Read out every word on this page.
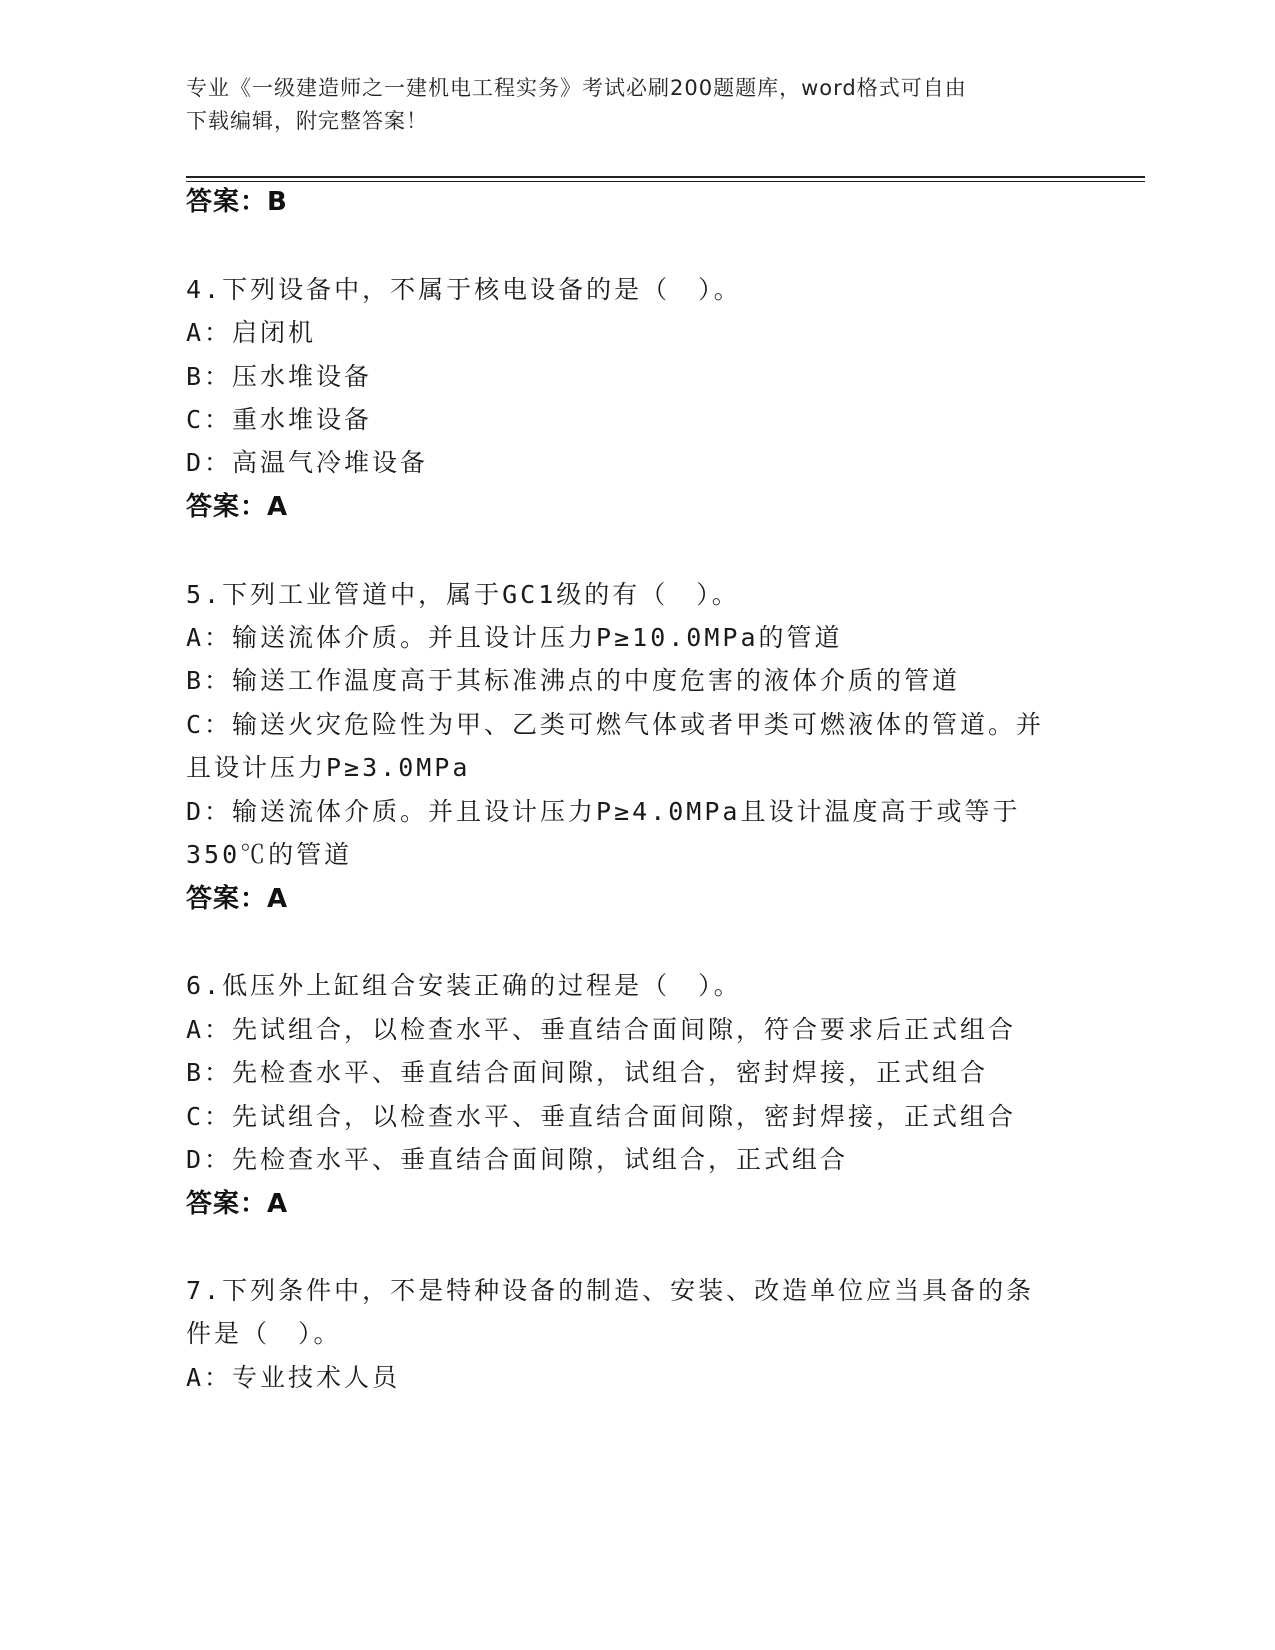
专业《一级建造师之一建机电工程实务》考试必刷200题题库，word格式可自由
下载编辑，附完整答案！
答案：B
4.下列设备中，不属于核电设备的是（　）。
A：启闭机
B：压水堆设备
C：重水堆设备
D：高温气冷堆设备
答案：A
5.下列工业管道中，属于GC1级的有（　）。
A：输送流体介质。并且设计压力P≥10.0MPa的管道
B：输送工作温度高于其标准沸点的中度危害的液体介质的管道
C：输送火灾危险性为甲、乙类可燃气体或者甲类可燃液体的管道。并
且设计压力P≥3.0MPa
D：输送流体介质。并且设计压力P≥4.0MPa且设计温度高于或等于
350℃的管道
答案：A
6.低压外上缸组合安装正确的过程是（　）。
A：先试组合，以检查水平、垂直结合面间隙，符合要求后正式组合
B：先检查水平、垂直结合面间隙，试组合，密封焊接，正式组合
C：先试组合，以检查水平、垂直结合面间隙，密封焊接，正式组合
D：先检查水平、垂直结合面间隙，试组合，正式组合
答案：A
7.下列条件中，不是特种设备的制造、安装、改造单位应当具备的条
件是（　）。
A：专业技术人员
